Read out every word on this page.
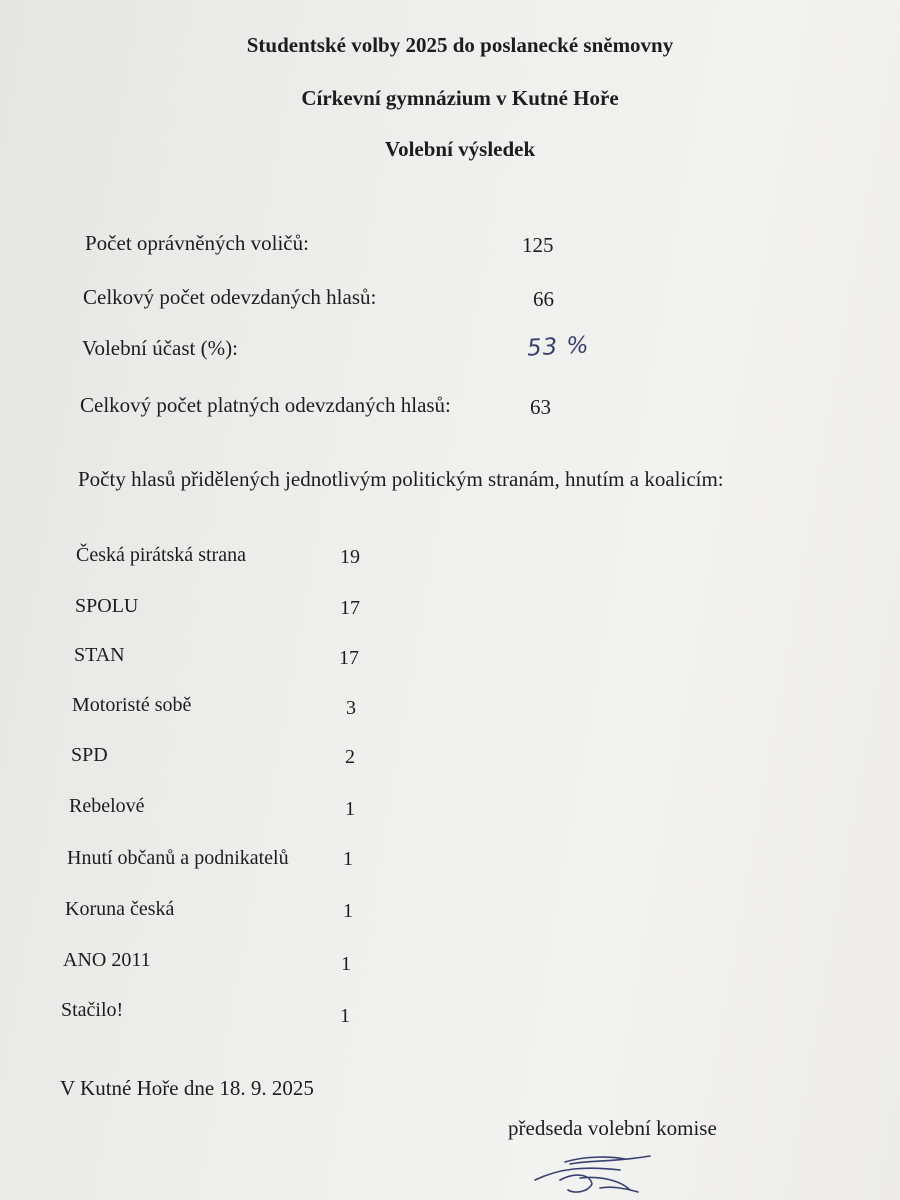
Studentské volby 2025 do poslanecké sněmovny
Církevní gymnázium v Kutné Hoře
Volební výsledek
Počet oprávněných voličů:	125
Celkový počet odevzdaných hlasů:	66
Volební účast (%):	53 %
Celkový počet platných odevzdaných hlasů:	63
Počty hlasů přidělených jednotlivým politickým stranám, hnutím a koalicím:
Česká pirátská strana	19
SPOLU	17
STAN	17
Motoristé sobě	3
SPD	2
Rebelové	1
Hnutí občanů a podnikatelů	1
Koruna česká	1
ANO 2011	1
Stačilo!	1
V Kutné Hoře dne 18. 9. 2025
předseda volební komise
